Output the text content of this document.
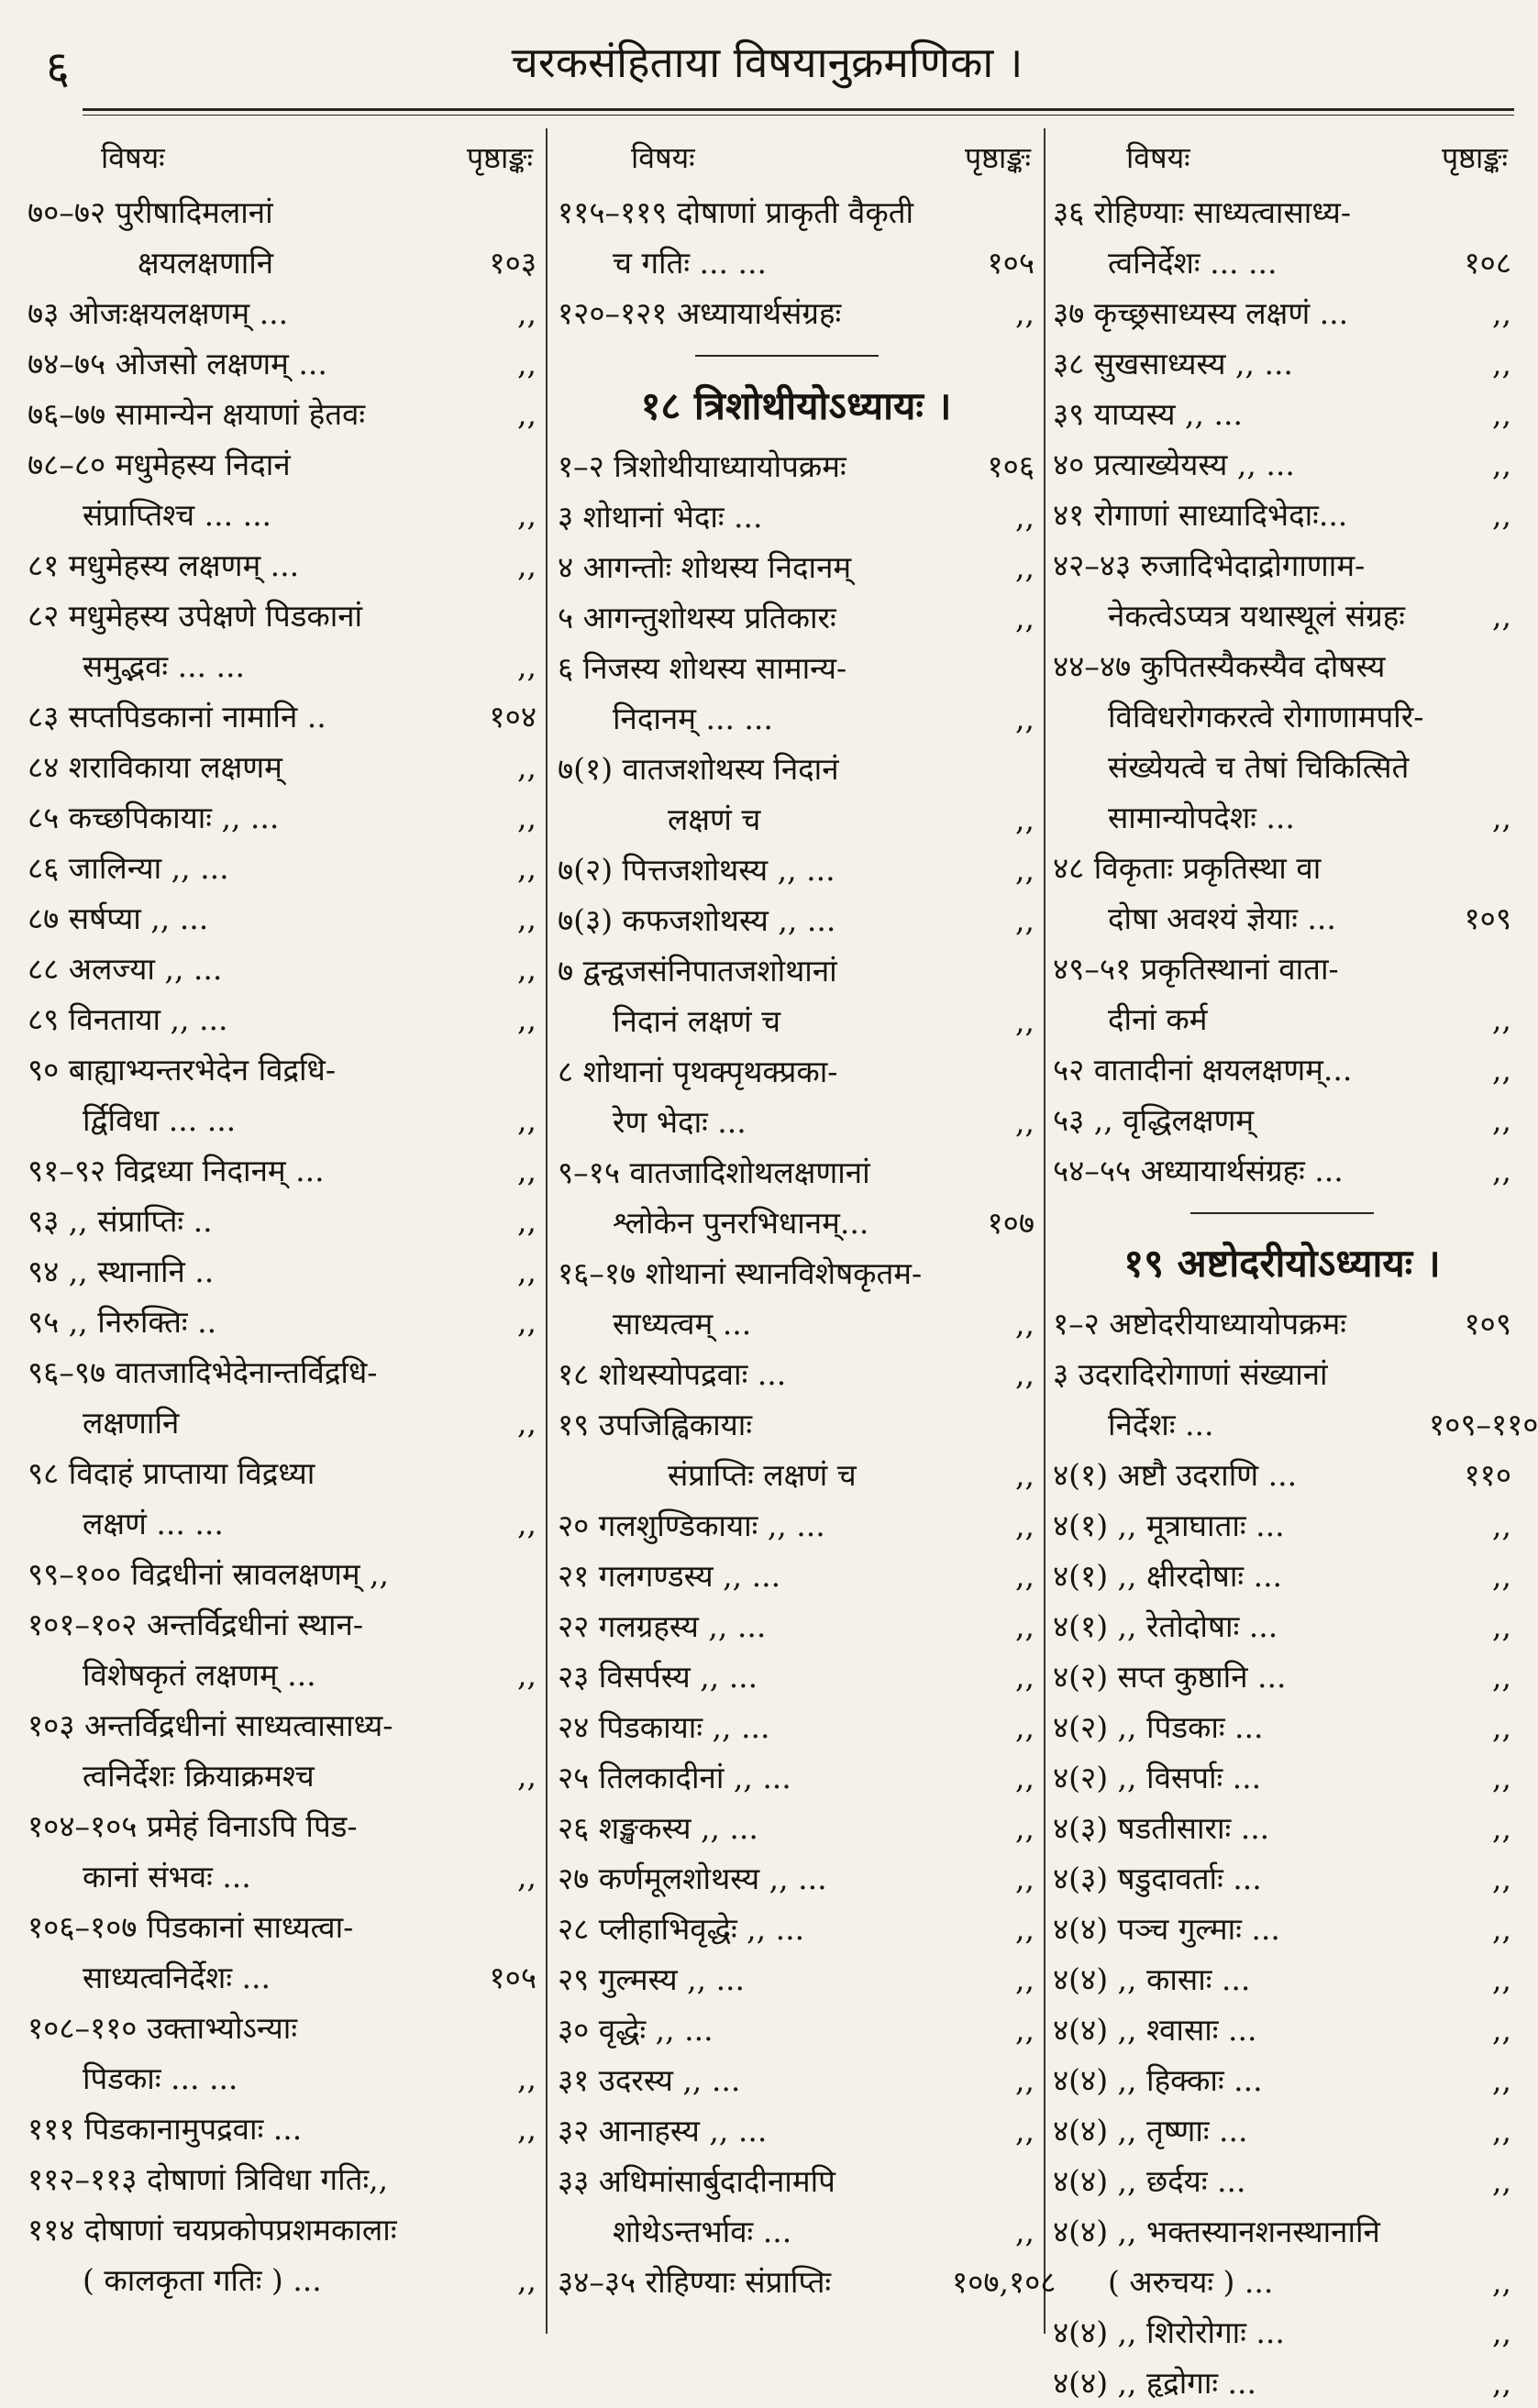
६	चरकसंहिताया विषयानुक्रमणिका ।
विषयः	पृष्ठाङ्कः
७०–७२ पुरीषादिमलानां
क्षयलक्षणानि	१०३
७३ ओजःक्षयलक्षणम् ...	,,
७४–७५ ओजसो लक्षणम् ...	,,
७६–७७ सामान्येन क्षयाणां हेतवः	,,
७८–८० मधुमेहस्य निदानं
संप्राप्तिश्च ... ...	,,
८१ मधुमेहस्य लक्षणम् ...	,,
८२ मधुमेहस्य उपेक्षणे पिडकानां
समुद्भवः ... ...	,,
८३ सप्तपिडकानां नामानि ..	१०४
८४ शराविकाया लक्षणम्	,,
८५ कच्छपिकायाः ,, ...	,,
८६ जालिन्या ,, ...	,,
८७ सर्षप्या ,, ...	,,
८८ अलज्या ,, ...	,,
८९ विनताया ,, ...	,,
९० बाह्याभ्यन्तरभेदेन विद्रधि-
र्द्विविधा ... ...	,,
९१–९२ विद्रध्या निदानम् ...	,,
९३ ,, संप्राप्तिः ..	,,
९४ ,, स्थानानि ..	,,
९५ ,, निरुक्तिः ..	,,
९६–९७ वातजादिभेदेनान्तर्विद्रधि-
लक्षणानि	,,
९८ विदाहं प्राप्ताया विद्रध्या
लक्षणं ... ...	,,
९९–१०० विद्रधीनां स्रावलक्षणम् ,,
१०१–१०२ अन्तर्विद्रधीनां स्थान-
विशेषकृतं लक्षणम् ...	,,
१०३ अन्तर्विद्रधीनां साध्यत्वासाध्य-
त्वनिर्देशः क्रियाक्रमश्च	,,
१०४–१०५ प्रमेहं विनाऽपि पिड-
कानां संभवः ...	,,
१०६–१०७ पिडकानां साध्यत्वा-
साध्यत्वनिर्देशः ...	१०५
१०८–११० उक्ताभ्योऽन्याः
पिडकाः ... ...	,,
१११ पिडकानामुपद्रवाः ...	,,
११२–११३ दोषाणां त्रिविधा गतिः,,
११४ दोषाणां चयप्रकोपप्रशमकालाः
( कालकृता गतिः ) ...	,,
विषयः	पृष्ठाङ्कः
११५–११९ दोषाणां प्राकृती वैकृती
च गतिः ... ...	१०५
१२०–१२१ अध्यायार्थसंग्रहः	,,
१८ त्रिशोथीयोऽध्यायः ।
१–२ त्रिशोथीयाध्यायोपक्रमः	१०६
३ शोथानां भेदाः ...	,,
४ आगन्तोः शोथस्य निदानम्	,,
५ आगन्तुशोथस्य प्रतिकारः	,,
६ निजस्य शोथस्य सामान्य-
निदानम् ... ...	,,
७(१) वातजशोथस्य निदानं
लक्षणं च	,,
७(२) पित्तजशोथस्य ,, ...	,,
७(३) कफजशोथस्य ,, ...	,,
७ द्वन्द्वजसंनिपातजशोथानां
निदानं लक्षणं च	,,
८ शोथानां पृथक्पृथक्प्रका-
रेण भेदाः ...	,,
९–१५ वातजादिशोथलक्षणानां
श्लोकेन पुनरभिधानम्...	१०७
१६–१७ शोथानां स्थानविशेषकृतम-
साध्यत्वम् ...	,,
१८ शोथस्योपद्रवाः ...	,,
१९ उपजिह्विकायाः
संप्राप्तिः लक्षणं च	,,
२० गलशुण्डिकायाः ,, ...	,,
२१ गलगण्डस्य ,, ...	,,
२२ गलग्रहस्य ,, ...	,,
२३ विसर्पस्य ,, ...	,,
२४ पिडकायाः ,, ...	,,
२५ तिलकादीनां ,, ...	,,
२६ शङ्खकस्य ,, ...	,,
२७ कर्णमूलशोथस्य ,, ...	,,
२८ प्लीहाभिवृद्धेः ,, ...	,,
२९ गुल्मस्य ,, ...	,,
३० वृद्धेः ,, ...	,,
३१ उदरस्य ,, ...	,,
३२ आनाहस्य ,, ...	,,
३३ अधिमांसार्बुदादीनामपि
शोथेऽन्तर्भावः ...	,,
३४–३५ रोहिण्याः संप्राप्तिः	१०७,१०८
विषयः	पृष्ठाङ्कः
३६ रोहिण्याः साध्यत्वासाध्य-
त्वनिर्देशः ... ...	१०८
३७ कृच्छ्रसाध्यस्य लक्षणं ...	,,
३८ सुखसाध्यस्य ,, ...	,,
३९ याप्यस्य ,, ...	,,
४० प्रत्याख्येयस्य ,, ...	,,
४१ रोगाणां साध्यादिभेदाः...	,,
४२–४३ रुजादिभेदाद्रोगाणाम-
नेकत्वेऽप्यत्र यथास्थूलं संग्रहः	,,
४४–४७ कुपितस्यैकस्यैव दोषस्य
विविधरोगकरत्वे रोगाणामपरि-
संख्येयत्वे च तेषां चिकित्सिते
सामान्योपदेशः ...	,,
४८ विकृताः प्रकृतिस्था वा
दोषा अवश्यं ज्ञेयाः ...	१०९
४९–५१ प्रकृतिस्थानां वाता-
दीनां कर्म	,,
५२ वातादीनां क्षयलक्षणम्...	,,
५३ ,, वृद्धिलक्षणम्	,,
५४–५५ अध्यायार्थसंग्रहः ...	,,
१९ अष्टोदरीयोऽध्यायः ।
१–२ अष्टोदरीयाध्यायोपक्रमः	१०९
३ उदरादिरोगाणां संख्यानां
निर्देशः ...	१०९–११०
४(१) अष्टौ उदराणि ...	११०
४(१) ,, मूत्राघाताः ...	,,
४(१) ,, क्षीरदोषाः ...	,,
४(१) ,, रेतोदोषाः ...	,,
४(२) सप्त कुष्ठानि ...	,,
४(२) ,, पिडकाः ...	,,
४(२) ,, विसर्पाः ...	,,
४(३) षडतीसाराः ...	,,
४(३) षडुदावर्ताः ...	,,
४(४) पञ्च गुल्माः ...	,,
४(४) ,, कासाः ...	,,
४(४) ,, श्वासाः ...	,,
४(४) ,, हिक्काः ...	,,
४(४) ,, तृष्णाः ...	,,
४(४) ,, छर्दयः ...	,,
४(४) ,, भक्तस्यानशनस्थानानि
( अरुचयः ) ...	,,
४(४) ,, शिरोरोगाः ...	,,
४(४) ,, हृद्रोगाः ...	,,
